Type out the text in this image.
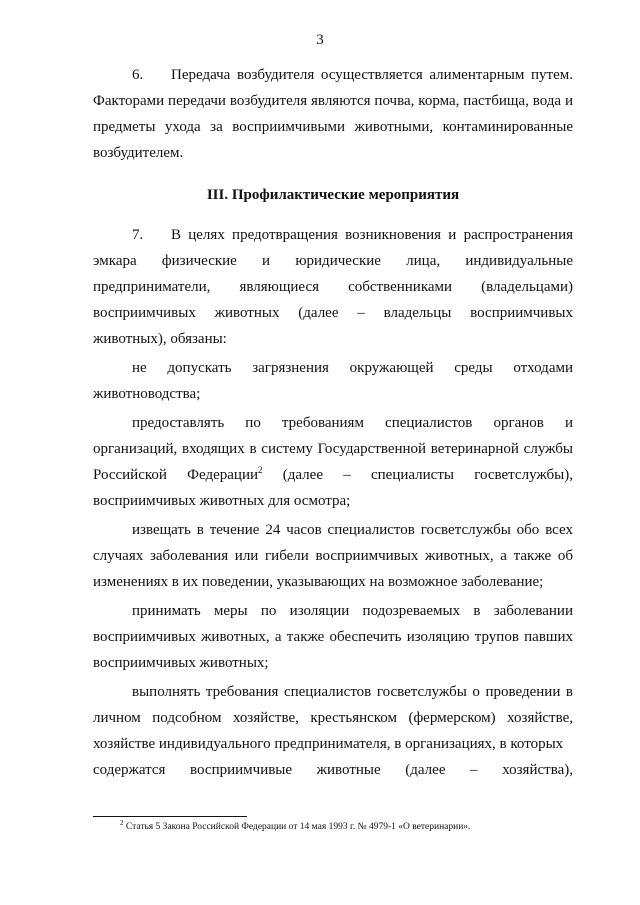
3

6. Передача возбудителя осуществляется алиментарным путем. Факторами передачи возбудителя являются почва, корма, пастбища, вода и предметы ухода за восприимчивыми животными, контаминированные возбудителем.

III. Профилактические мероприятия
7. В целях предотвращения возникновения и распространения
эмкара физические и юридические лица, индивидуальные
предприниматели, являющиеся собственниками (владельцами)
восприимчивых животных (далее – владельцы восприимчивых животных), обязаны:
не допускать загрязнения окружающей среды отходами
животноводства;

предоставлять по требованиям специалистов органов и организаций, входящих в систему Государственной ветеринарной службы Российской Федерации$^2$ (далее – специалисты госветслужбы), восприимчивых животных для осмотра;

извещать в течение 24 часов специалистов госветслужбы обо всех случаях заболевания или гибели восприимчивых животных, а также об изменениях в их поведении, указывающих на возможное заболевание;

принимать меры по изоляции подозреваемых в заболевании восприимчивых животных, а также обеспечить изоляцию трупов павших восприимчивых животных;

выполнять требования специалистов госветслужбы о проведении в личном подсобном хозяйстве, крестьянском (фермерском) хозяйстве, хозяйстве индивидуального предпринимателя, в организациях, в которых
содержатся восприимчивые животные (далее – хозяйства),
$^2$ Статья 5 Закона Российской Федерации от 14 мая 1993 г. № 4979-1 «О ветеринарии».
